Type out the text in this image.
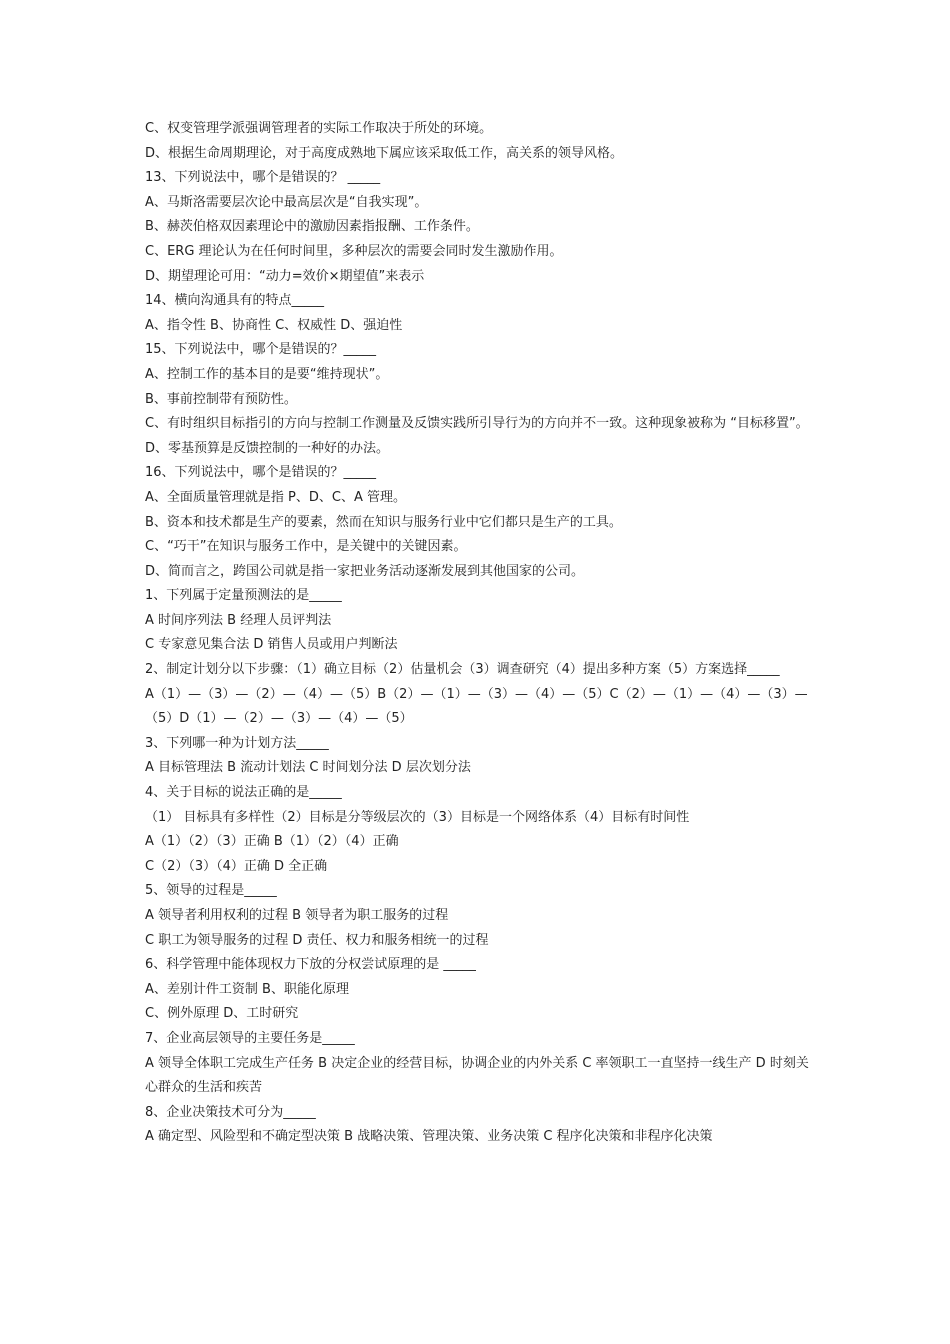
C、权变管理学派强调管理者的实际工作取决于所处的环境。
D、根据生命周期理论，对于高度成熟地下属应该采取低工作，高关系的领导风格。
13、下列说法中，哪个是错误的？ _____
A、马斯洛需要层次论中最高层次是“自我实现”。
B、赫茨伯格双因素理论中的激励因素指报酬、工作条件。
C、ERG 理论认为在任何时间里，多种层次的需要会同时发生激励作用。
D、期望理论可用：“动力=效价×期望值”来表示
14、横向沟通具有的特点_____
A、指令性 B、协商性 C、权威性 D、强迫性
15、下列说法中，哪个是错误的？_____
A、控制工作的基本目的是要“维持现状”。
B、事前控制带有预防性。
C、有时组织目标指引的方向与控制工作测量及反馈实践所引导行为的方向并不一致。这种现象被称为 “目标移置”。
D、零基预算是反馈控制的一种好的办法。
16、下列说法中，哪个是错误的？_____
A、全面质量管理就是指 P、D、C、A 管理。
B、资本和技术都是生产的要素，然而在知识与服务行业中它们都只是生产的工具。
C、“巧干”在知识与服务工作中，是关键中的关键因素。
D、简而言之，跨国公司就是指一家把业务活动逐渐发展到其他国家的公司。
1、下列属于定量预测法的是_____
A 时间序列法 B 经理人员评判法
C 专家意见集合法 D 销售人员或用户判断法
2、制定计划分以下步骤：（1）确立目标（2）估量机会（3）调查研究（4）提出多种方案（5）方案选择_____
A（1）—（3）—（2）—（4）—（5）B（2）—（1）—（3）—（4）—（5）C（2）—（1）—（4）—（3）—（5）D（1）—（2）—（3）—（4）—（5）
3、下列哪一种为计划方法_____
A 目标管理法 B 流动计划法 C 时间划分法 D 层次划分法
4、关于目标的说法正确的是_____
（1） 目标具有多样性（2）目标是分等级层次的（3）目标是一个网络体系（4）目标有时间性
A（1）（2）（3）正确 B（1）（2）（4）正确
C（2）（3）（4）正确 D 全正确
5、领导的过程是_____
A 领导者利用权利的过程 B 领导者为职工服务的过程
C 职工为领导服务的过程 D 责任、权力和服务相统一的过程
6、科学管理中能体现权力下放的分权尝试原理的是 _____
A、差别计件工资制 B、职能化原理
C、例外原理 D、工时研究
7、企业高层领导的主要任务是_____
A 领导全体职工完成生产任务 B 决定企业的经营目标，协调企业的内外关系 C 率领职工一直坚持一线生产 D 时刻关心群众的生活和疾苦
8、企业决策技术可分为_____
A 确定型、风险型和不确定型决策 B 战略决策、管理决策、业务决策 C 程序化决策和非程序化决策
